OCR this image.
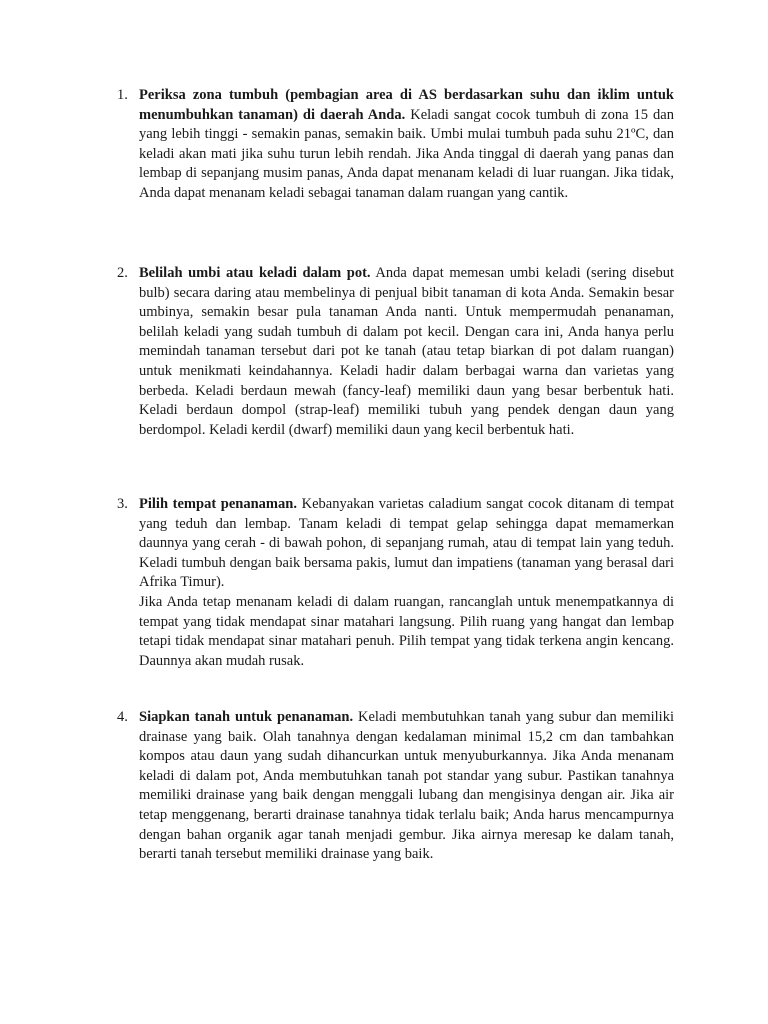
1. Periksa zona tumbuh (pembagian area di AS berdasarkan suhu dan iklim untuk menumbuhkan tanaman) di daerah Anda. Keladi sangat cocok tumbuh di zona 15 dan yang lebih tinggi - semakin panas, semakin baik. Umbi mulai tumbuh pada suhu 21ºC, dan keladi akan mati jika suhu turun lebih rendah. Jika Anda tinggal di daerah yang panas dan lembap di sepanjang musim panas, Anda dapat menanam keladi di luar ruangan. Jika tidak, Anda dapat menanam keladi sebagai tanaman dalam ruangan yang cantik.

2. Belilah umbi atau keladi dalam pot. Anda dapat memesan umbi keladi (sering disebut bulb) secara daring atau membelinya di penjual bibit tanaman di kota Anda. Semakin besar umbinya, semakin besar pula tanaman Anda nanti. Untuk mempermudah penanaman, belilah keladi yang sudah tumbuh di dalam pot kecil. Dengan cara ini, Anda hanya perlu memindah tanaman tersebut dari pot ke tanah (atau tetap biarkan di pot dalam ruangan) untuk menikmati keindahannya. Keladi hadir dalam berbagai warna dan varietas yang berbeda. Keladi berdaun mewah (fancy-leaf) memiliki daun yang besar berbentuk hati. Keladi berdaun dompol (strap-leaf) memiliki tubuh yang pendek dengan daun yang berdompol. Keladi kerdil (dwarf) memiliki daun yang kecil berbentuk hati.

3. Pilih tempat penanaman. Kebanyakan varietas caladium sangat cocok ditanam di tempat yang teduh dan lembap. Tanam keladi di tempat gelap sehingga dapat memamerkan daunnya yang cerah - di bawah pohon, di sepanjang rumah, atau di tempat lain yang teduh. Keladi tumbuh dengan baik bersama pakis, lumut dan impatiens (tanaman yang berasal dari Afrika Timur).

Jika Anda tetap menanam keladi di dalam ruangan, rancanglah untuk menempatkannya di tempat yang tidak mendapat sinar matahari langsung. Pilih ruang yang hangat dan lembap tetapi tidak mendapat sinar matahari penuh. Pilih tempat yang tidak terkena angin kencang. Daunnya akan mudah rusak.

4. Siapkan tanah untuk penanaman. Keladi membutuhkan tanah yang subur dan memiliki drainase yang baik. Olah tanahnya dengan kedalaman minimal 15,2 cm dan tambahkan kompos atau daun yang sudah dihancurkan untuk menyuburkannya. Jika Anda menanam keladi di dalam pot, Anda membutuhkan tanah pot standar yang subur. Pastikan tanahnya memiliki drainase yang baik dengan menggali lubang dan mengisinya dengan air. Jika air tetap menggenang, berarti drainase tanahnya tidak terlalu baik; Anda harus mencampurnya dengan bahan organik agar tanah menjadi gembur. Jika airnya meresap ke dalam tanah, berarti tanah tersebut memiliki drainase yang baik.
